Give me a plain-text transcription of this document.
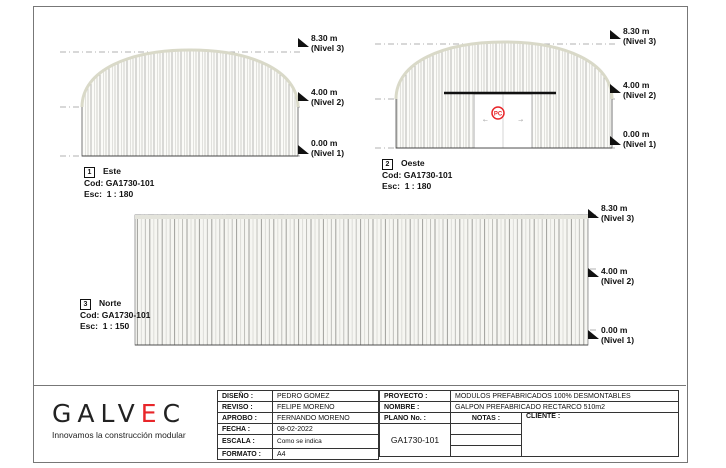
PC
←	→
8.30 m
(Nivel 3)
4.00 m
(Nivel 2)
0.00 m
(Nivel 1)
8.30 m
(Nivel 3)
4.00 m
(Nivel 2)
0.00 m
(Nivel 1)
8.30 m
(Nivel 3)
4.00 m
(Nivel 2)
0.00 m
(Nivel 1)
1 Este
Cod: GA1730-101
Esc: 1 : 180
2 Oeste
Cod: GA1730-101
Esc: 1 : 180
3 Norte
Cod: GA1730-101
Esc: 1 : 150
GALVEC
Innovamos la construcción modular
DISEÑO :	PEDRO GOMEZ
REVISO :	FELIPE MORENO
APROBO :	FERNANDO MORENO
FECHA :	08-02-2022
ESCALA :	Como se indica
FORMATO :	A4
PROYECTO :	MODULOS PREFABRICADOS 100% DESMONTABLES	
NOMBRE :	GALPON PREFABRICADO RECTARCO 510m2	
PLANO No. :	NOTAS :	CLIENTE :
GA1730-101		
